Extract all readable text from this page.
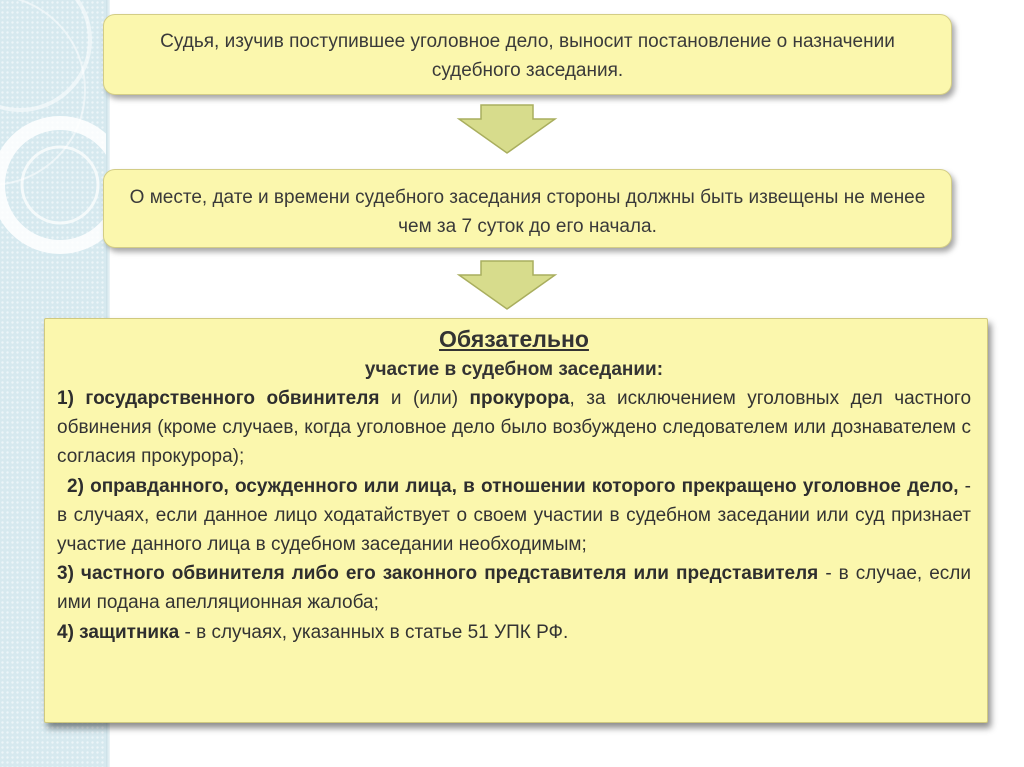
Судья, изучив поступившее уголовное дело, выносит постановление о назначении судебного заседания.
О месте, дате и времени судебного заседания стороны должны быть извещены не менее чем за 7 суток до его начала.
Обязательно
участие в судебном заседании:

1) государственного обвинителя и (или) прокурора, за исключением уголовных дел частного обвинения (кроме случаев, когда уголовное дело было возбуждено следователем или дознавателем с согласия прокурора);

2) оправданного, осужденного или лица, в отношении которого прекращено уголовное дело, - в случаях, если данное лицо ходатайствует о своем участии в судебном заседании или суд признает участие данного лица в судебном заседании необходимым;

3) частного обвинителя либо его законного представителя или представителя - в случае, если ими подана апелляционная жалоба;

4) защитника - в случаях, указанных в статье 51 УПК РФ.
